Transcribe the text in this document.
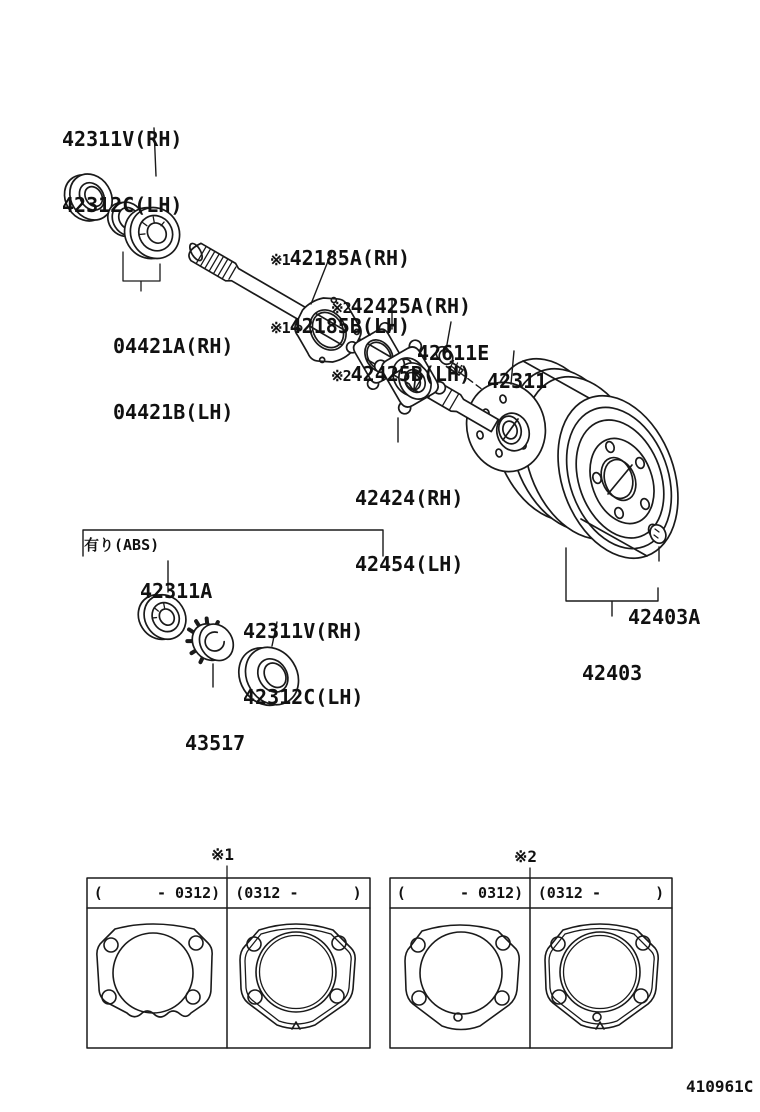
42311V(RH)

42312C(LH)

04421A(RH)

04421B(LH)

※142185A(RH)

※142185B(LH)

※242425A(RH)

※242425B(LH)

42611E

42311

42424(RH)

42454(LH)

有り(ABS)

42311A

42311V(RH)

42312C(LH)

43517

42403A

42403

※1	※2
(      - 0312)	(0312 -      )	(      - 0312) (0312 -      )
410961C
